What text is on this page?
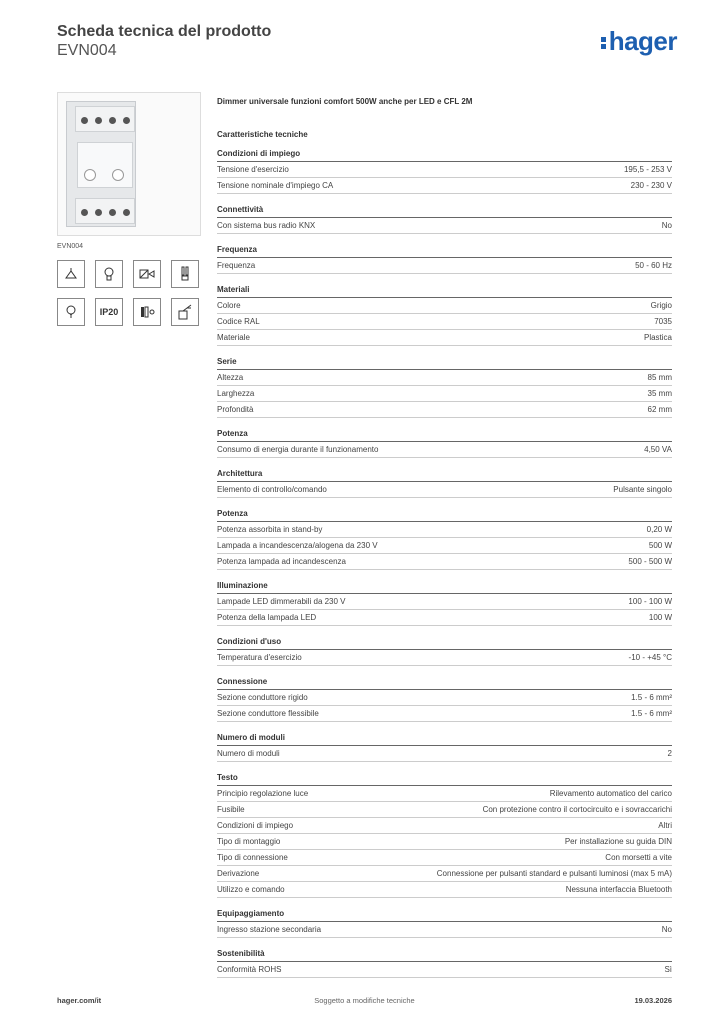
Scheda tecnica del prodotto
EVN004	hager
EVN004
IP20
Dimmer universale funzioni comfort 500W anche per LED e CFL 2M
Caratteristiche tecniche
Condizioni di impiego
Tensione d'esercizio	195,5 - 253 V
Tensione nominale d'impiego CA	230 - 230 V
Connettività
Con sistema bus radio KNX	No
Frequenza
Frequenza	50 - 60 Hz
Materiali
Colore	Grigio
Codice RAL	7035
Materiale	Plastica
Serie
Altezza	85 mm
Larghezza	35 mm
Profondità	62 mm
Potenza
Consumo di energia durante il funzionamento	4,50 VA
Architettura
Elemento di controllo/comando	Pulsante singolo
Potenza
Potenza assorbita in stand-by	0,20 W
Lampada a incandescenza/alogena da 230 V	500 W
Potenza lampada ad incandescenza	500 - 500 W
Illuminazione
Lampade LED dimmerabili da 230 V	100 - 100 W
Potenza della lampada LED	100 W
Condizioni d'uso
Temperatura d'esercizio	-10 - +45 °C
Connessione
Sezione conduttore rigido	1.5 - 6 mm²
Sezione conduttore flessibile	1.5 - 6 mm²
Numero di moduli
Numero di moduli	2
Testo
Principio regolazione luce	Rilevamento automatico del carico
Fusibile	Con protezione contro il cortocircuito e i sovraccarichi
Condizioni di impiego	Altri
Tipo di montaggio	Per installazione su guida DIN
Tipo di connessione	Con morsetti a vite
Derivazione	Connessione per pulsanti standard e pulsanti luminosi (max 5 mA)
Utilizzo e comando	Nessuna interfaccia Bluetooth
Equipaggiamento
Ingresso stazione secondaria	No
Sostenibilità
Conformità ROHS	Sì
Soggetto a modifiche tecniche
hager.com/it	19.03.2026
